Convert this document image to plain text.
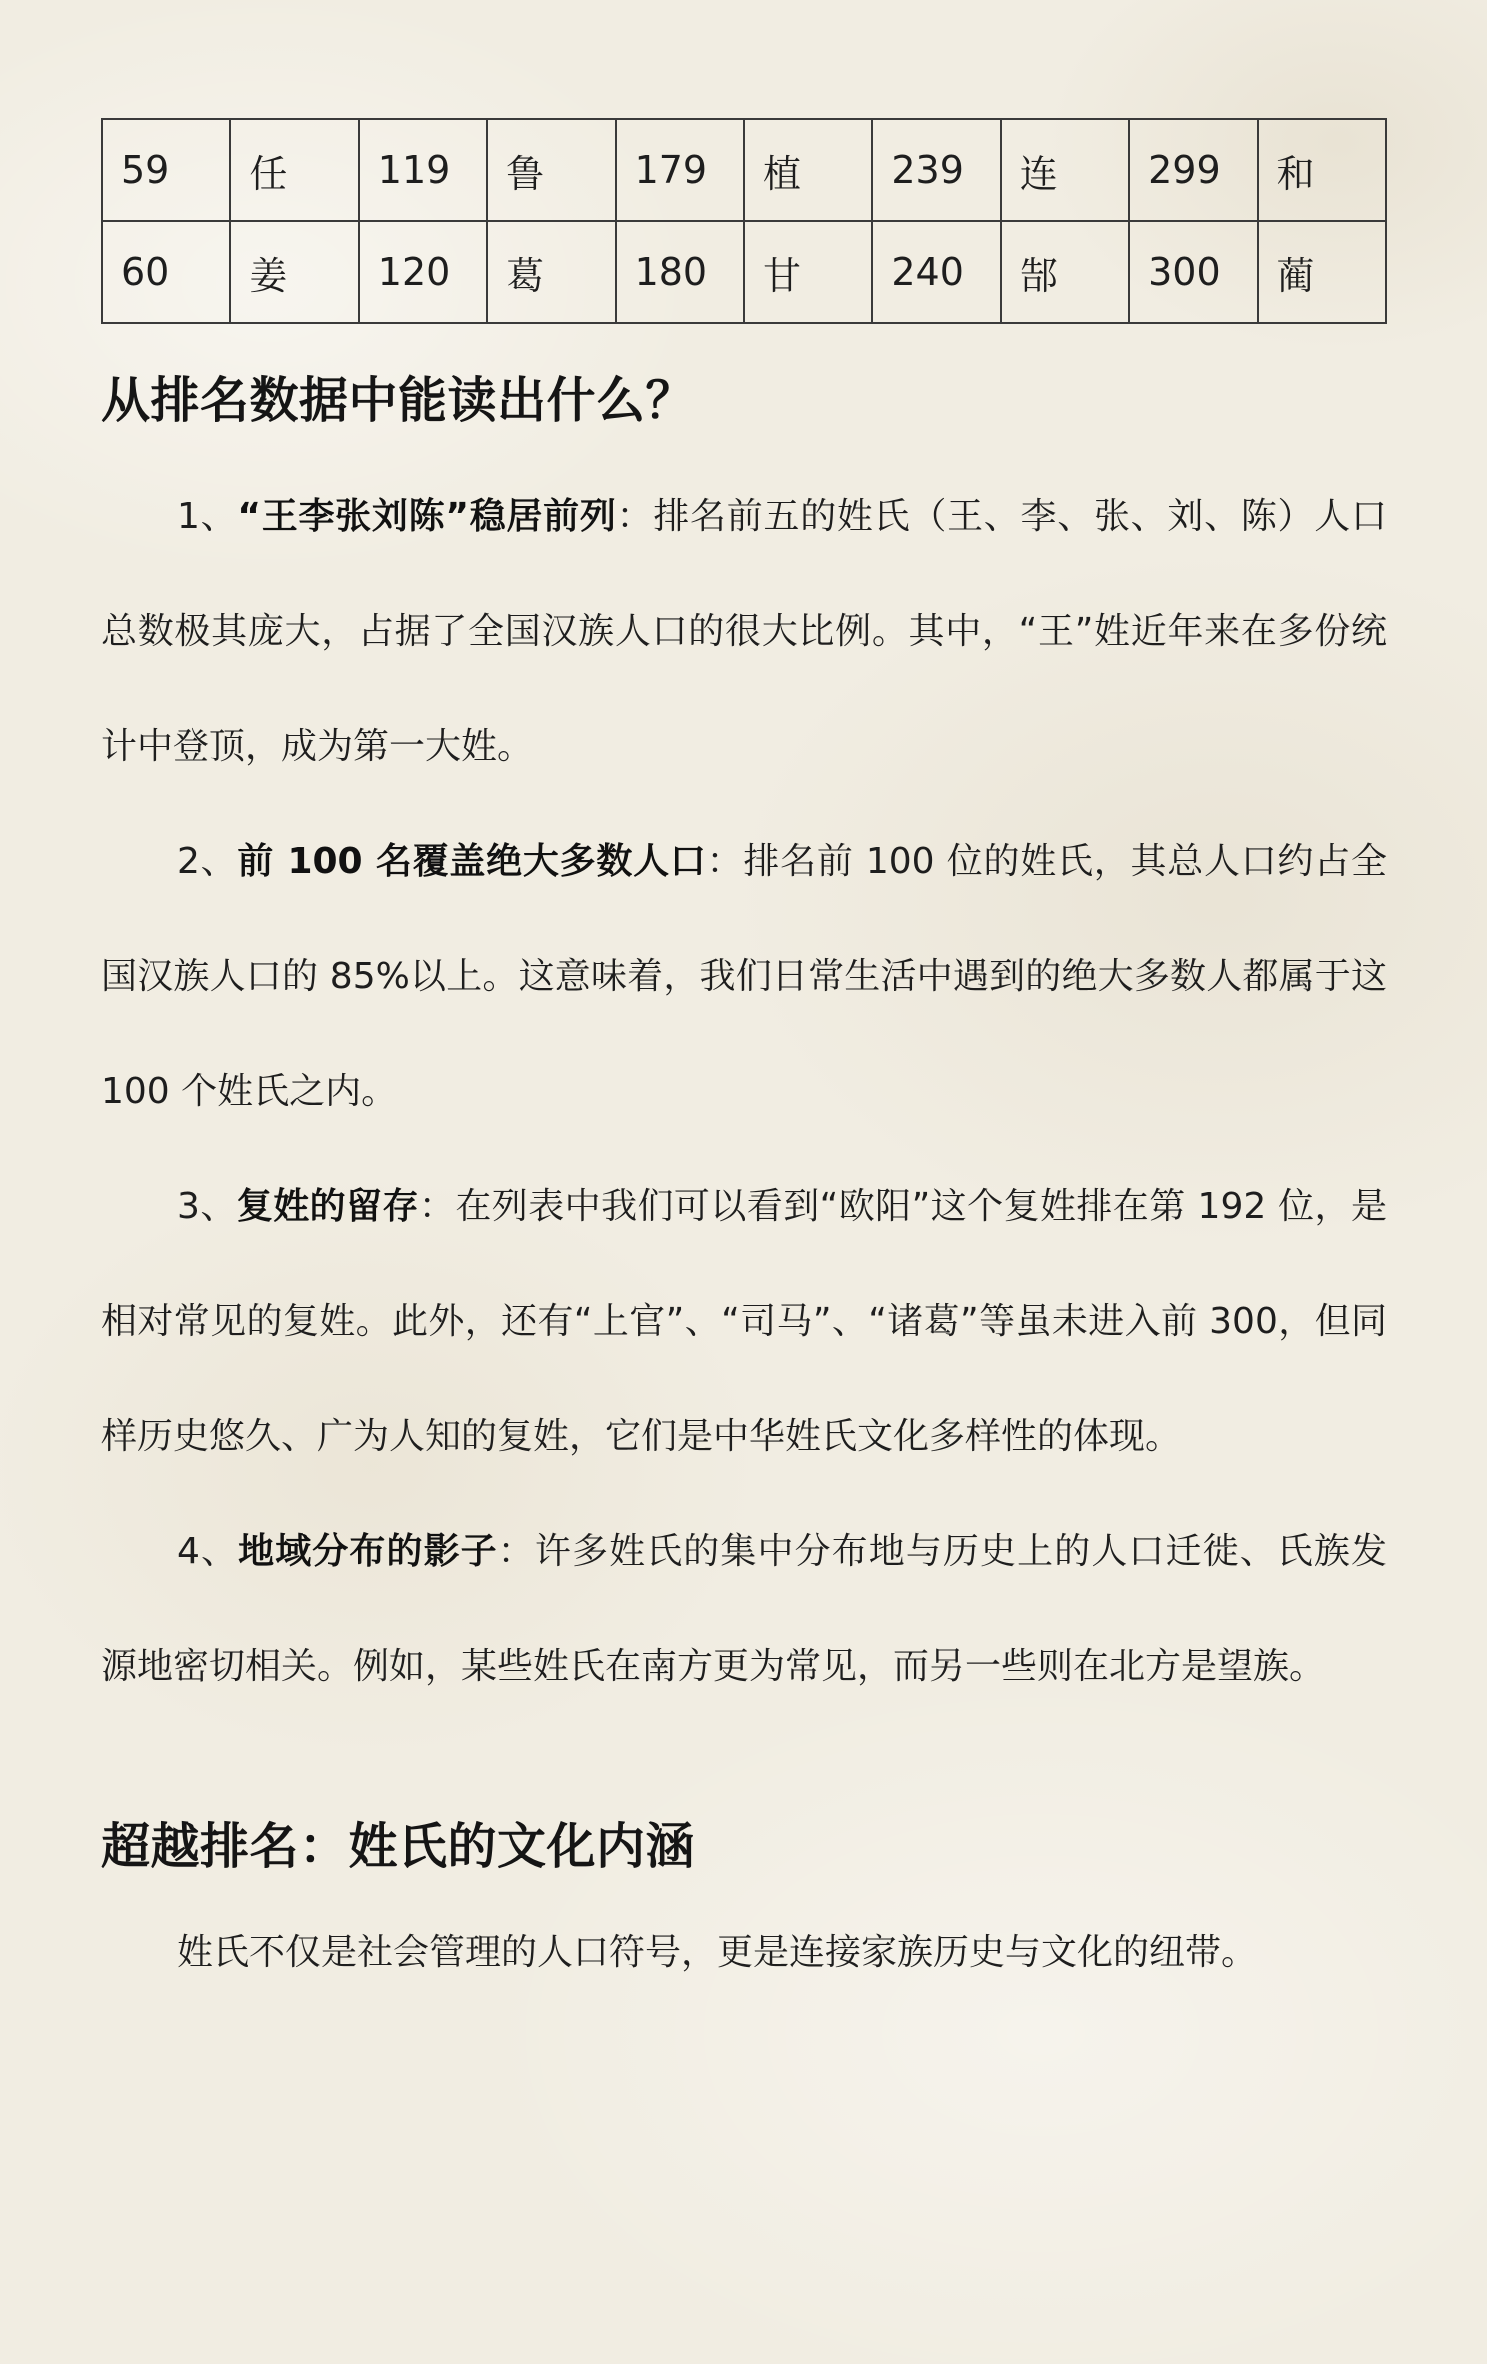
59	任	119	鲁	179	植	239	连	299	和
60	姜	120	葛	180	甘	240	郜	300	蔺
从排名数据中能读出什么？

1、“王李张刘陈”稳居前列：排名前五的姓氏（王、李、张、刘、陈）人口总数极其庞大，占据了全国汉族人口的很大比例。其中，“王”姓近年来在多份统计中登顶，成为第一大姓。

2、前 100 名覆盖绝大多数人口：排名前 100 位的姓氏，其总人口约占全国汉族人口的 85%以上。这意味着，我们日常生活中遇到的绝大多数人都属于这 100 个姓氏之内。

3、复姓的留存：在列表中我们可以看到“欧阳”这个复姓排在第 192 位，是相对常见的复姓。此外，还有“上官”、“司马”、“诸葛”等虽未进入前 300，但同样历史悠久、广为人知的复姓，它们是中华姓氏文化多样性的体现。

4、地域分布的影子：许多姓氏的集中分布地与历史上的人口迁徙、氏族发源地密切相关。例如，某些姓氏在南方更为常见，而另一些则在北方是望族。

超越排名：姓氏的文化内涵

姓氏不仅是社会管理的人口符号，更是连接家族历史与文化的纽带。
